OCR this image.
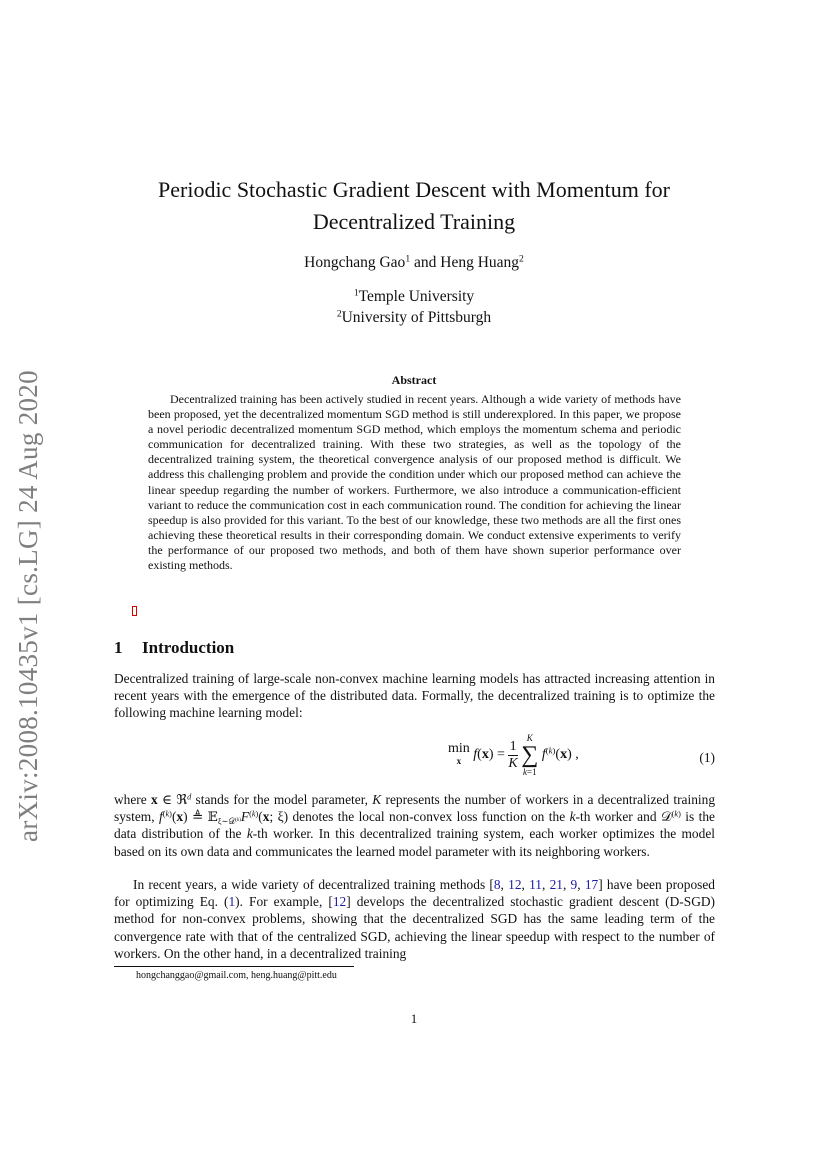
arXiv:2008.10435v1 [cs.LG] 24 Aug 2020
Periodic Stochastic Gradient Descent with Momentum for
Decentralized Training
Hongchang Gao$^1$ and Heng Huang$^2$
$^1$Temple University
$^2$University of Pittsburgh
Abstract
Decentralized training has been actively studied in recent years. Although a wide variety of methods have been proposed, yet the decentralized momentum SGD method is still underexplored. In this paper, we propose a novel periodic decentralized momentum SGD method, which employs the momentum schema and periodic communication for decentralized training. With these two strategies, as well as the topology of the decentralized training system, the theoretical convergence analysis of our proposed method is difficult. We address this challenging problem and provide the condition under which our proposed method can achieve the linear speedup regarding the number of workers. Furthermore, we also introduce a communication-efficient variant to reduce the communication cost in each communication round. The condition for achieving the linear speedup is also provided for this variant. To the best of our knowledge, these two methods are all the first ones achieving these theoretical results in their corresponding domain. We conduct extensive experiments to verify the performance of our proposed two methods, and both of them have shown superior performance over existing methods.
1 Introduction
Decentralized training of large-scale non-convex machine learning models has attracted increasing attention in recent years with the emergence of the distributed data. Formally, the decentralized training is to optimize the following machine learning model:
min
x $f(x) = \frac{1}{K}$

K
∑
k=1
$f^{(k)}(x)$ ,	(1)
where x ∈ ℜ$^d$ stands for the model parameter, K represents the number of workers in a decentralized training system, $f^{(k)}(x)$ ≜ $𝔼_{\xi\sim 𝒟^{(k)}}F^{(k)}(x$; ξ) denotes the local non-convex loss function on the k-th worker and 𝒟$^{(k)}$ is the data distribution of the k-th worker. In this decentralized training system, each worker optimizes the model based on its own data and communicates the learned model parameter with its neighboring workers.
In recent years, a wide variety of decentralized training methods [8, 12, 11, 21, 9, 17] have been proposed for optimizing Eq. (1). For example, [12] develops the decentralized stochastic gradient descent (D-SGD) method for non-convex problems, showing that the decentralized SGD has the same leading term of the convergence rate with that of the centralized SGD, achieving the linear speedup with respect to the number of workers. On the other hand, in a decentralized training
hongchanggao@gmail.com, heng.huang@pitt.edu
1
